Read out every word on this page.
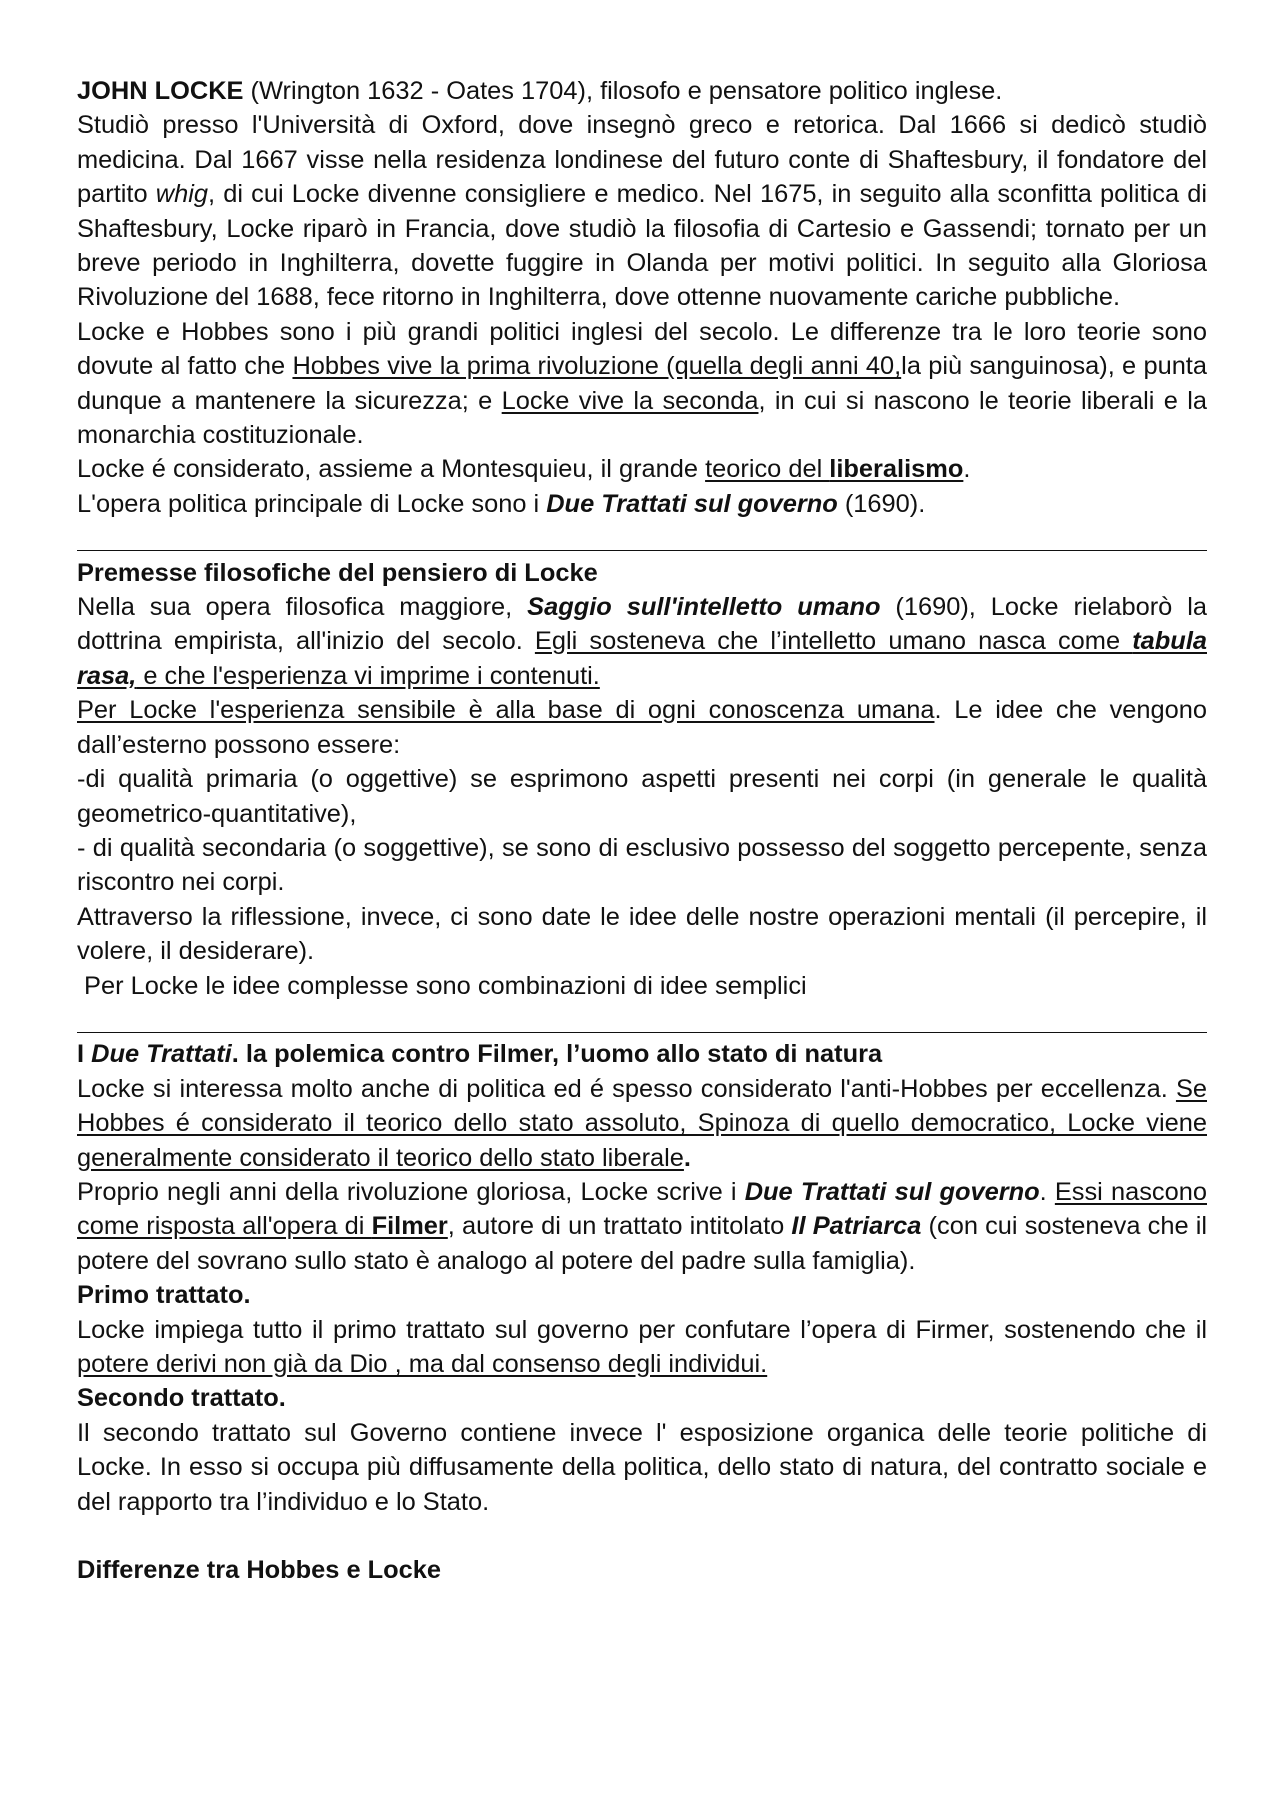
JOHN LOCKE (Wrington 1632 - Oates 1704), filosofo e pensatore politico inglese.

Studiò presso l'Università di Oxford, dove insegnò greco e retorica. Dal 1666 si dedicò studiò medicina. Dal 1667 visse nella residenza londinese del futuro conte di Shaftesbury, il fondatore del partito whig, di cui Locke divenne consigliere e medico. Nel 1675, in seguito alla sconfitta politica di Shaftesbury, Locke riparò in Francia, dove studiò la filosofia di Cartesio e Gassendi; tornato per un breve periodo in Inghilterra, dovette fuggire in Olanda per motivi politici. In seguito alla Gloriosa Rivoluzione del 1688, fece ritorno in Inghilterra, dove ottenne nuovamente cariche pubbliche.

Locke e Hobbes sono i più grandi politici inglesi del secolo. Le differenze tra le loro teorie sono dovute al fatto che Hobbes vive la prima rivoluzione (quella degli anni 40,la più sanguinosa), e punta dunque a mantenere la sicurezza; e Locke vive la seconda, in cui si nascono le teorie liberali e la monarchia costituzionale.

Locke é considerato, assieme a Montesquieu, il grande teorico del liberalismo.

L'opera politica principale di Locke sono i Due Trattati sul governo (1690).

Premesse filosofiche del pensiero di Locke

Nella sua opera filosofica maggiore, Saggio sull'intelletto umano (1690), Locke rielaborò la dottrina empirista, all'inizio del secolo. Egli sosteneva che l’intelletto umano nasca come tabula rasa, e che l'esperienza vi imprime i contenuti.

Per Locke l'esperienza sensibile è alla base di ogni conoscenza umana. Le idee che vengono dall’esterno possono essere:

-di qualità primaria (o oggettive) se esprimono aspetti presenti nei corpi (in generale le qualità geometrico-quantitative),

- di qualità secondaria (o soggettive), se sono di esclusivo possesso del soggetto percepente, senza riscontro nei corpi.

Attraverso la riflessione, invece, ci sono date le idee delle nostre operazioni mentali (il percepire, il volere, il desiderare).

Per Locke le idee complesse sono combinazioni di idee semplici

I Due Trattati. la polemica contro Filmer, l’uomo allo stato di natura

Locke si interessa molto anche di politica ed é spesso considerato l'anti-Hobbes per eccellenza. Se Hobbes é considerato il teorico dello stato assoluto, Spinoza di quello democratico, Locke viene generalmente considerato il teorico dello stato liberale.

Proprio negli anni della rivoluzione gloriosa, Locke scrive i Due Trattati sul governo. Essi nascono come risposta all'opera di Filmer, autore di un trattato intitolato Il Patriarca (con cui sosteneva che il potere del sovrano sullo stato è analogo al potere del padre sulla famiglia).

Primo trattato.

Locke impiega tutto il primo trattato sul governo per confutare l’opera di Firmer, sostenendo che il potere derivi non già da Dio , ma dal consenso degli individui.

Secondo trattato.

Il secondo trattato sul Governo contiene invece l' esposizione organica delle teorie politiche di Locke. In esso si occupa più diffusamente della politica, dello stato di natura, del contratto sociale e del rapporto tra l’individuo e lo Stato.

Differenze tra Hobbes e Locke
